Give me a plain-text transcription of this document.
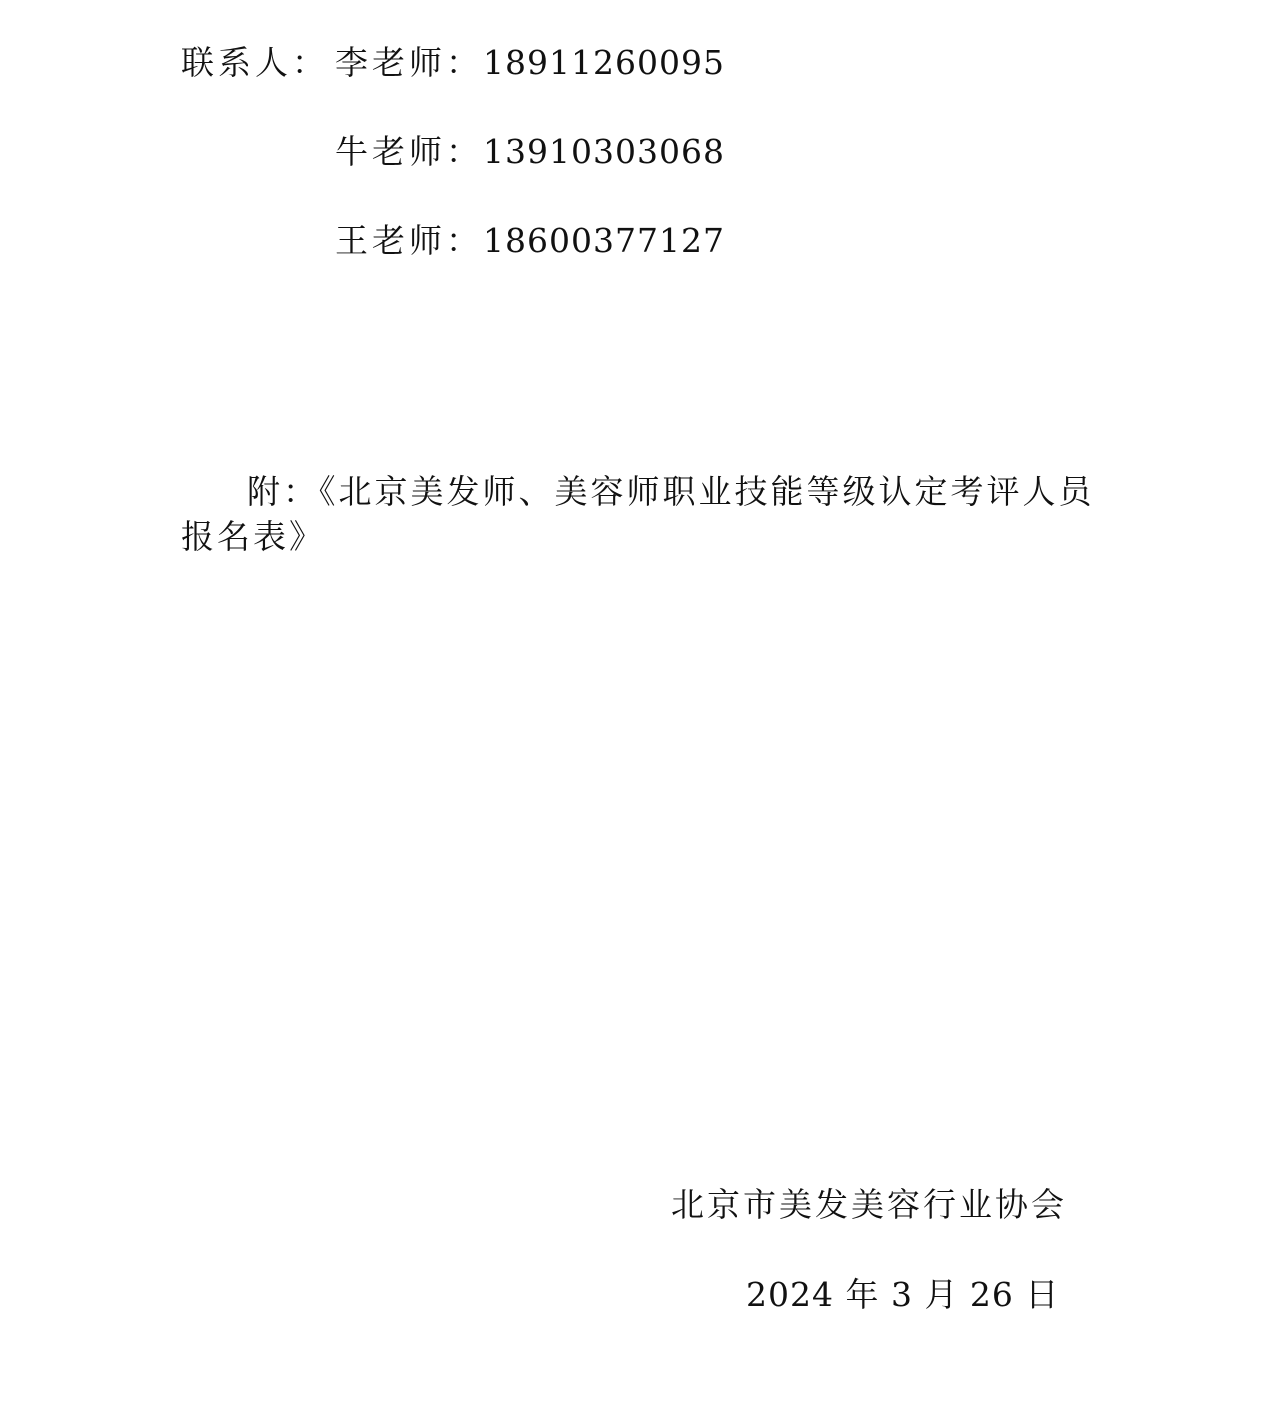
联系人： 李老师：18911260095
牛老师：13910303068
王老师：18600377127
附：《北京美发师、美容师职业技能等级认定考评人员
报名表》
北京市美发美容行业协会
2024 年 3 月 26 日
